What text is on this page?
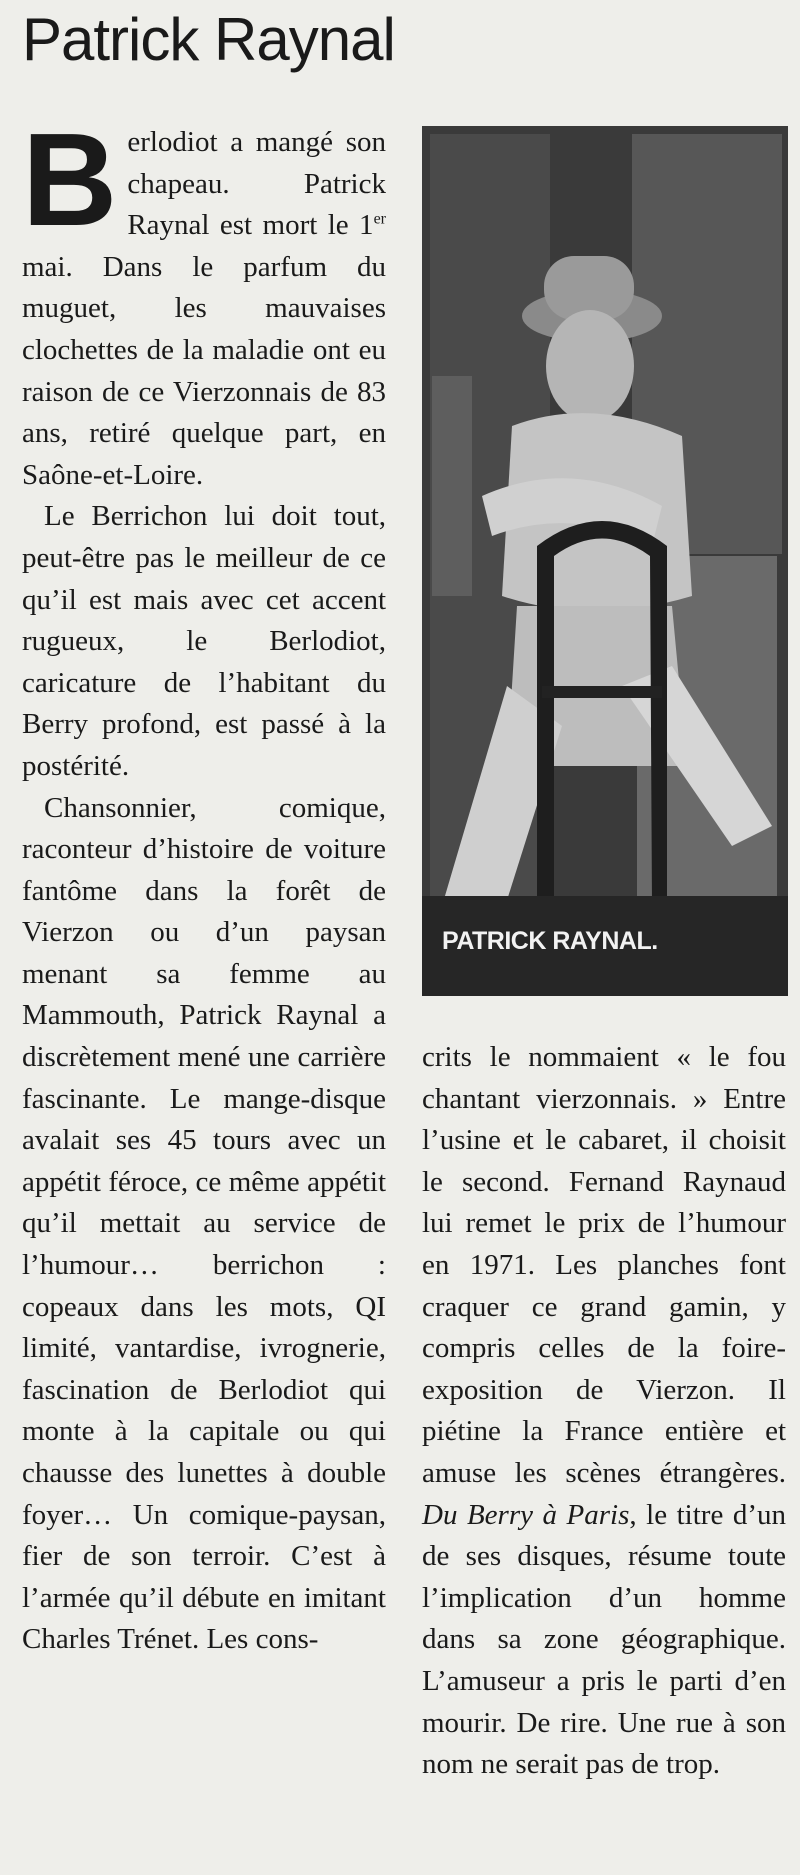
Patrick Raynal

Berlodiot a mangé son chapeau. Patrick Raynal est mort le 1er mai. Dans le parfum du muguet, les mauvaises clochettes de la maladie ont eu raison de ce Vierzonnais de 83 ans, retiré quelque part, en Saône-et-Loire.

Le Berrichon lui doit tout, peut-être pas le meilleur de ce qu’il est mais avec cet accent rugueux, le Berlodiot, caricature de l’habitant du Berry profond, est passé à la postérité.

Chansonnier, comique, raconteur d’histoire de voiture fantôme dans la forêt de Vierzon ou d’un paysan menant sa femme au Mammouth, Patrick Raynal a discrètement mené une carrière fascinante. Le mange-disque avalait ses 45 tours avec un appétit féroce, ce même appétit qu’il mettait au service de l’humour… berrichon : copeaux dans les mots, QI limité, vantardise, ivrognerie, fascination de Berlodiot qui monte à la capitale ou qui chausse des lunettes à double foyer… Un comique-paysan, fier de son terroir. C’est à l’armée qu’il débute en imitant Charles Trénet. Les cons-

PATRICK RAYNAL.

crits le nommaient « le fou chantant vierzonnais. » Entre l’usine et le cabaret, il choisit le second. Fernand Raynaud lui remet le prix de l’humour en 1971. Les planches font craquer ce grand gamin, y compris celles de la foire-exposition de Vierzon. Il piétine la France entière et amuse les scènes étrangères. Du Berry à Paris, le titre d’un de ses disques, résume toute l’implication d’un homme dans sa zone géographique. L’amuseur a pris le parti d’en mourir. De rire. Une rue à son nom ne serait pas de trop.
